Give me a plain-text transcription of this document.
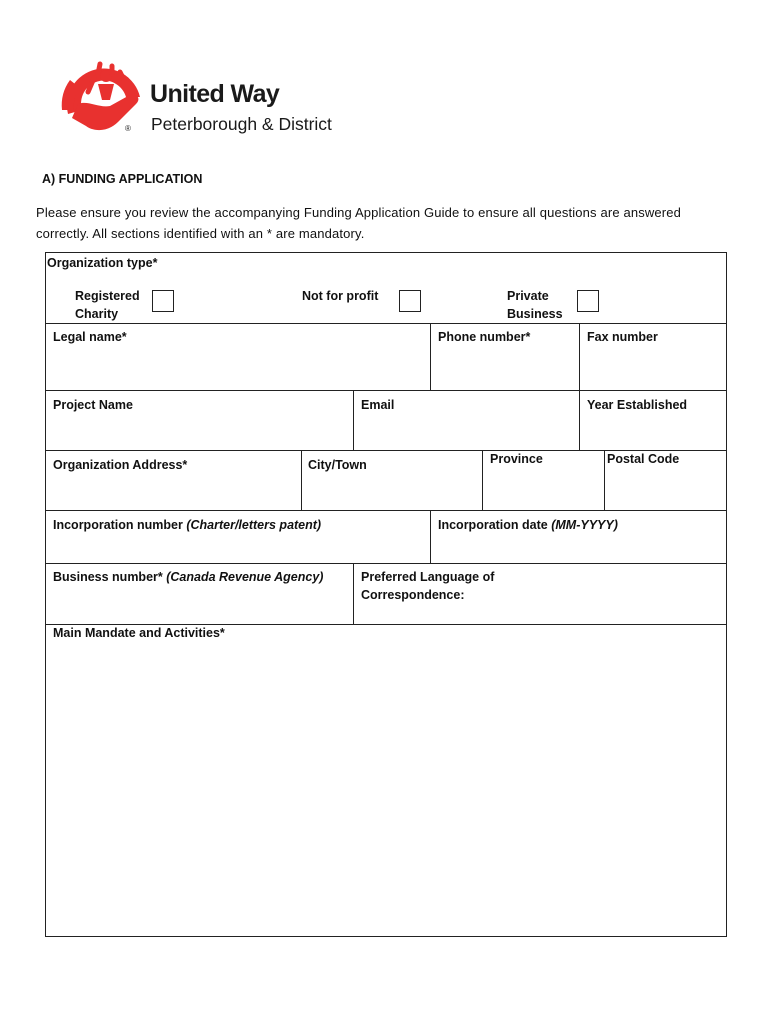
®
United Way
Peterborough & District
A) FUNDING APPLICATION
Please ensure you review the accompanying Funding Application Guide to ensure all questions are answered correctly. All sections identified with an * are mandatory.
Organization type*
Registered
Charity
Not for profit	Private
Business
Legal name*	Phone number*	Fax number
Project Name	Email	Year Established
Organization Address*	City/Town	Province	Postal Code
Incorporation number (Charter/letters patent)	Incorporation date (MM-YYYY)
Business number* (Canada Revenue Agency)	Preferred Language of
Correspondence:
Main Mandate and Activities*
